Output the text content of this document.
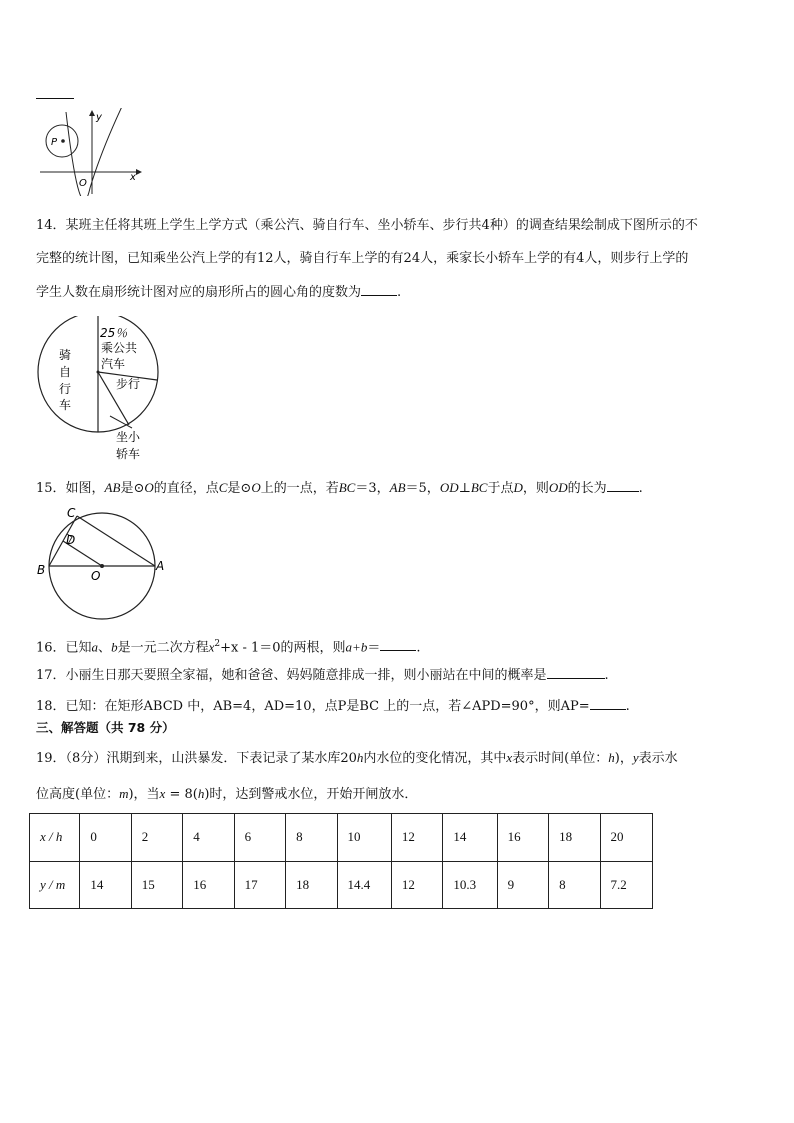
P
O
x
y
14．某班主任将其班上学生上学方式（乘公汽、骑自行车、坐小轿车、步行共4种）的调查结果绘制成下图所示的不
完整的统计图，已知乘坐公汽上学的有12人，骑自行车上学的有24人，乘家长小轿车上学的有4人，则步行上学的
学生人数在扇形统计图对应的扇形所占的圆心角的度数为	.
25％
乘公共
汽车
步行
骑
自
行
车
坐小
轿车
15．如图，AB是⊙O的直径，点C是⊙O上的一点，若BC＝3，AB＝5，OD⊥BC于点D，则OD的长为 .
C
D
B	O
A
16．已知a、b是一元二次方程$x^2+x - 1=0$的两根，则a+b＝	.
17．小丽生日那天要照全家福，她和爸爸、妈妈随意排成一排，则小丽站在中间的概率是	.
18．已知：在矩形ABCD 中，AB=4，AD=10，点P是BC 上的一点，若∠APD=90°，则AP=	.
三、解答题（共 78 分）
19．（8分）汛期到来，山洪暴发．下表记录了某水库20h内水位的变化情况，其中x表示时间(单位：h)，y表示水
位高度(单位：m)，当x = 8(h)时，达到警戒水位，开始开闸放水．
x / h	0	2	4	6	8	10	12	14	16	18	20
y / m	14	15	16	17	18	14.4	12	10.3	9	8	7.2
